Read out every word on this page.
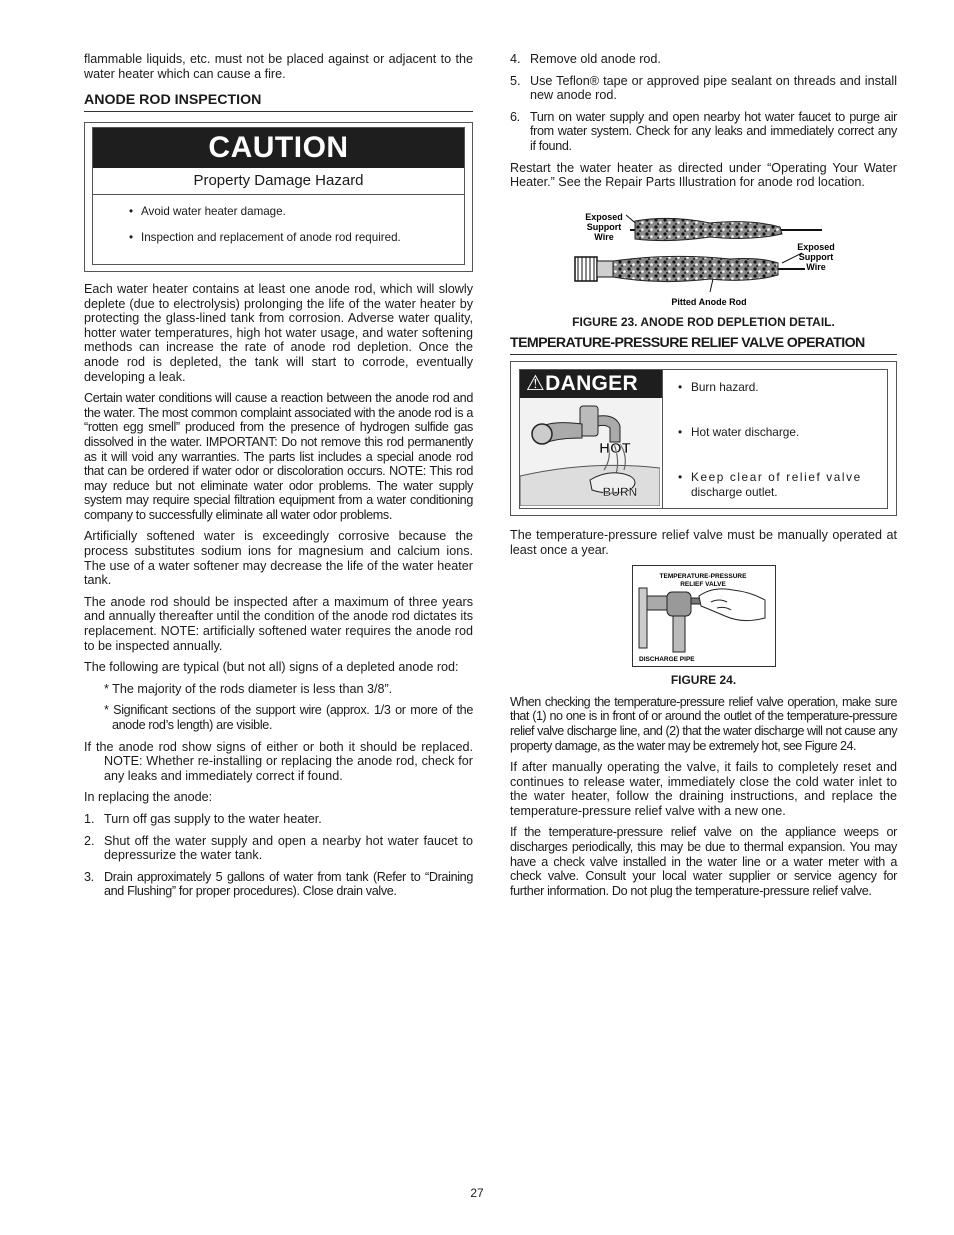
flammable liquids, etc. must not be placed against or adjacent to the water heater which can cause a fire.

ANODE ROD INSPECTION
CAUTION
Property Damage Hazard
• Avoid water heater damage.
• Inspection and replacement of anode rod required.

Each water heater contains at least one anode rod, which will slowly deplete (due to electrolysis) prolonging the life of the water heater by protecting the glass-lined tank from corrosion. Adverse water quality, hotter water temperatures, high hot water usage, and water softening methods can increase the rate of anode rod depletion. Once the anode rod is depleted, the tank will start to corrode, eventually developing a leak.

Certain water conditions will cause a reaction between the anode rod and the water. The most common complaint associated with the anode rod is a “rotten egg smell” produced from the presence of hydrogen sulfide gas dissolved in the water. IMPORTANT: Do not remove this rod permanently as it will void any warranties. The parts list includes a special anode rod that can be ordered if water odor or discoloration occurs. NOTE: This rod may reduce but not eliminate water odor problems. The water supply system may require special filtration equipment from a water conditioning company to successfully eliminate all water odor problems.

Artificially softened water is exceedingly corrosive because the process substitutes sodium ions for magnesium and calcium ions. The use of a water softener may decrease the life of the water heater tank.

The anode rod should be inspected after a maximum of three years and annually thereafter until the condition of the anode rod dictates its replacement. NOTE: artificially softened water requires the anode rod to be inspected annually.

The following are typical (but not all) signs of a depleted anode rod:

* The majority of the rods diameter is less than 3/8”.

* Significant sections of the support wire (approx. 1/3 or more of the anode rod’s length) are visible.

If the anode rod show signs of either or both it should be replaced. NOTE: Whether re-installing or replacing the anode rod, check for any leaks and immediately correct if found.

In replacing the anode:

1. Turn off gas supply to the water heater.
2. Shut off the water supply and open a nearby hot water faucet to depressurize the water tank.
3. Drain approximately 5 gallons of water from tank (Refer to “Draining and Flushing” for proper procedures). Close drain valve.
4. Remove old anode rod.
5. Use Teflon® tape or approved pipe sealant on threads and install new anode rod.
6. Turn on water supply and open nearby hot water faucet to purge air from water system. Check for any leaks and immediately correct any if found.

Restart the water heater as directed under “Operating Your Water Heater.” See the Repair Parts Illustration for anode rod location.

Exposed
Support
Wire
Exposed
Support
Wire
Pitted Anode Rod
FIGURE 23. ANODE ROD DEPLETION DETAIL.
TEMPERATURE-PRESSURE RELIEF VALVE OPERATION
⚠DANGER
HOT
BURN
• Burn hazard.
• Hot water discharge.
• Keep clear of relief valve
discharge outlet.

The temperature-pressure relief valve must be manually operated at least once a year.

TEMPERATURE-PRESSURE
RELIEF VALVE
DISCHARGE PIPE
FIGURE 24.

When checking the temperature-pressure relief valve operation, make sure that (1) no one is in front of or around the outlet of the temperature-pressure relief valve discharge line, and (2) that the water discharge will not cause any property damage, as the water may be extremely hot, see Figure 24.

If after manually operating the valve, it fails to completely reset and continues to release water, immediately close the cold water inlet to the water heater, follow the draining instructions, and replace the temperature-pressure relief valve with a new one.

If the temperature-pressure relief valve on the appliance weeps or discharges periodically, this may be due to thermal expansion. You may have a check valve installed in the water line or a water meter with a check valve. Consult your local water supplier or service agency for further information. Do not plug the temperature-pressure relief valve.

27
